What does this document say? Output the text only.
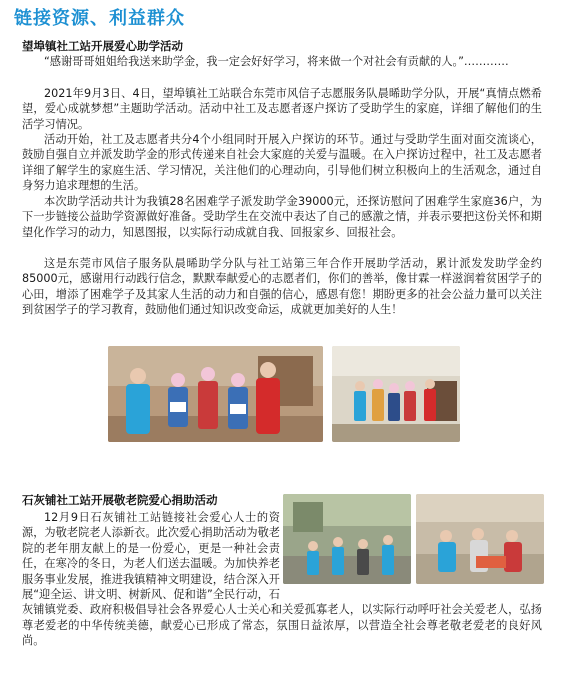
链接资源、利益群众
望埠镇社工站开展爱心助学活动
“感谢哥哥姐姐给我送来助学金，我一定会好好学习，将来做一个对社会有贡献的人。”…………
2021年9月3日、4日，望埠镇社工站联合东莞市风信子志愿服务队晨晞助学分队，开展“真情点燃希望，爱心成就梦想”主题助学活动。活动中社工及志愿者逐户探访了受助学生的家庭，详细了解他们的生活学习情况。
活动开始，社工及志愿者共分4个小组同时开展入户探访的环节。通过与受助学生面对面交流谈心，鼓励自强自立并派发助学金的形式传递来自社会大家庭的关爱与温暖。在入户探访过程中，社工及志愿者详细了解学生的家庭生活、学习情况，关注他们的心理动向，引导他们树立积极向上的生活观念，通过自身努力追求理想的生活。
本次助学活动共计为我镇28名困难学子派发助学金39000元，还探访慰问了困难学生家庭36户，为下一步链接公益助学资源做好准备。受助学生在交流中表达了自己的感激之情，并表示要把这份关怀和期望化作学习的动力，知恩图报，以实际行动成就自我、回报家乡、回报社会。
这是东莞市风信子服务队晨晞助学分队与社工站第三年合作开展助学活动，累计派发发助学金约85000元，感谢用行动践行信念，默默奉献爱心的志愿者们，你们的善举，像甘霖一样滋润着贫困学子的心田，增添了困难学子及其家人生活的动力和自强的信心，感恩有您！期盼更多的社会公益力量可以关注到贫困学子的学习教育，鼓励他们通过知识改变命运，成就更加美好的人生！
石灰铺社工站开展敬老院爱心捐助活动
12月9日石灰铺社工站链接社会爱心人士的资源，为敬老院老人添新衣。此次爱心捐助活动为敬老院的老年朋友献上的是一份爱心，更是一种社会责任，在寒冷的冬日，为老人们送去温暖。为加快养老服务事业发展，推进我镇精神文明建设，结合深入开展“迎全运、讲文明、树新风、促和谐”全民行动，石灰铺镇党委、政府积极倡导社会各界爱心人士关心和关爱孤寡老人，以实际行动呼吁社会关爱老人，弘扬尊老爱老的中华传统美德，献爱心已形成了常态，氛围日益浓厚，以营造全社会尊老敬老爱老的良好风尚。
